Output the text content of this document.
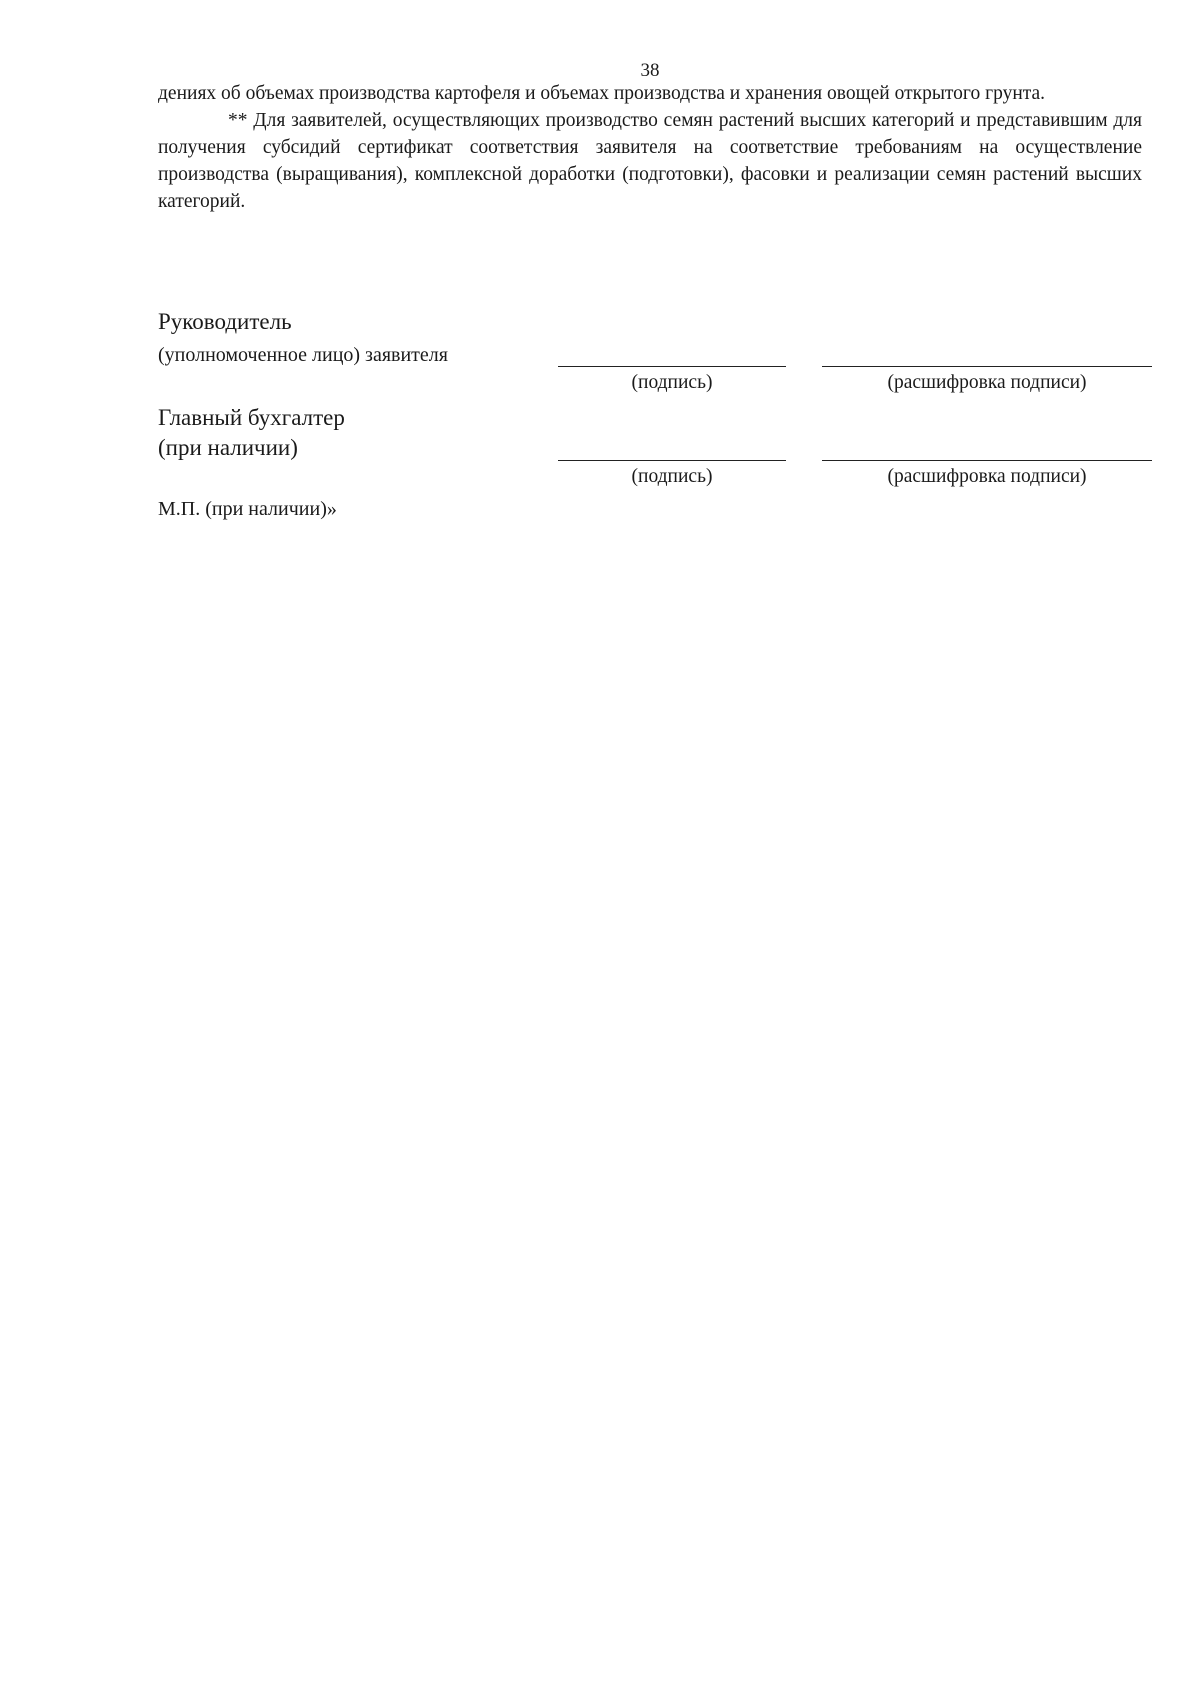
38

дениях об объемах производства картофеля и объемах производства и хранения овощей открытого грунта.

** Для заявителей, осуществляющих производство семян растений высших категорий и представившим для получения субсидий сертификат соответствия заявителя на соответствие требованиям на осуществление производства (выращивания), комплексной доработки (подготовки), фасовки и реализации семян растений высших категорий.

Руководитель
(уполномоченное лицо) заявителя
(подпись)	(расшифровка подписи)
Главный бухгалтер
(при наличии)
(подпись)	(расшифровка подписи)
М.П. (при наличии)»
